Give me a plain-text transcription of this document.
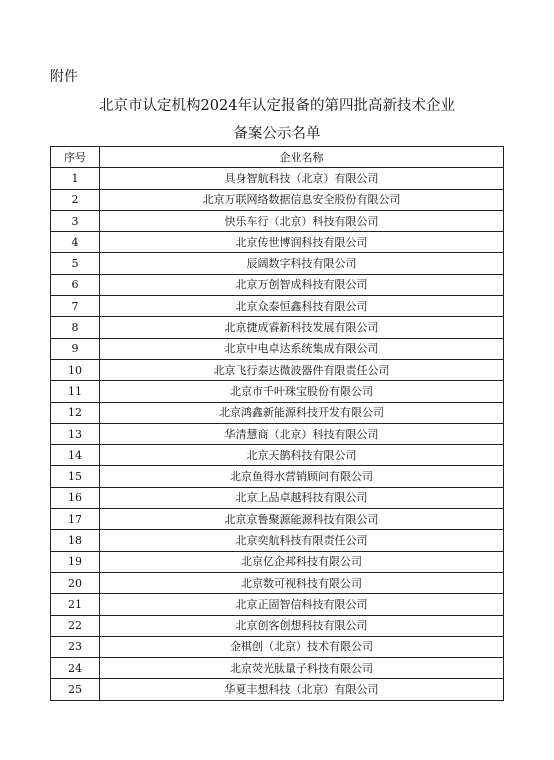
附件
北京市认定机构2024年认定报备的第四批高新技术企业
备案公示名单
序号	企业名称
1	具身智航科技（北京）有限公司
2	北京万联网络数据信息安全股份有限公司
3	快乐车行（北京）科技有限公司
4	北京传世博润科技有限公司
5	辰阔数字科技有限公司
6	北京万创智成科技有限公司
7	北京众泰恒鑫科技有限公司
8	北京捷成睿新科技发展有限公司
9	北京中电卓达系统集成有限公司
10	北京飞行泰达微波器件有限责任公司
11	北京市千叶珠宝股份有限公司
12	北京鸿鑫新能源科技开发有限公司
13	华清慧商（北京）科技有限公司
14	北京天鹊科技有限公司
15	北京鱼得水营销顾问有限公司
16	北京上品卓越科技有限公司
17	北京京鲁聚源能源科技有限公司
18	北京奕航科技有限责任公司
19	北京亿企邦科技有限公司
20	北京数可视科技有限公司
21	北京正固智信科技有限公司
22	北京创客创想科技有限公司
23	金棋创（北京）技术有限公司
24	北京荧光肽量子科技有限公司
25	华夏丰想科技（北京）有限公司
